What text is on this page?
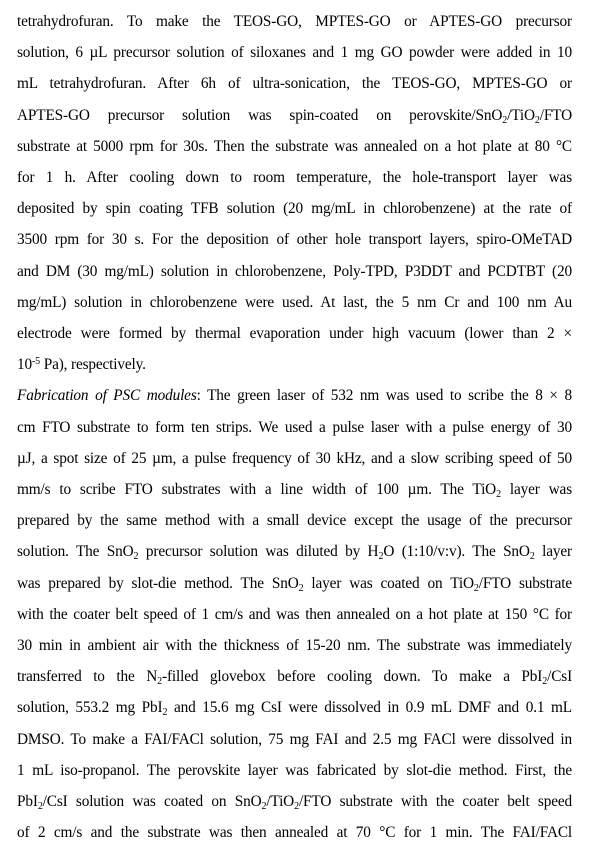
tetrahydrofuran. To make the TEOS-GO, MPTES-GO or APTES-GO precursor
solution, 6 µL precursor solution of siloxanes and 1 mg GO powder were added in 10
mL tetrahydrofuran. After 6h of ultra-sonication, the TEOS-GO, MPTES-GO or
APTES-GO precursor solution was spin-coated on perovskite/SnO$_2$/TiO$_2$/FTO
substrate at 5000 rpm for 30s. Then the substrate was annealed on a hot plate at 80 °C
for 1 h. After cooling down to room temperature, the hole-transport layer was
deposited by spin coating TFB solution (20 mg/mL in chlorobenzene) at the rate of
3500 rpm for 30 s. For the deposition of other hole transport layers, spiro-OMeTAD
and DM (30 mg/mL) solution in chlorobenzene, Poly-TPD, P3DDT and PCDTBT (20
mg/mL) solution in chlorobenzene were used. At last, the 5 nm Cr and 100 nm Au
electrode were formed by thermal evaporation under high vacuum (lower than 2 ×
$10^{-5}$ Pa), respectively.
Fabrication of PSC modules: The green laser of 532 nm was used to scribe the 8 × 8
cm FTO substrate to form ten strips. We used a pulse laser with a pulse energy of 30
µJ, a spot size of 25 µm, a pulse frequency of 30 kHz, and a slow scribing speed of 50
mm/s to scribe FTO substrates with a line width of 100 µm. The TiO$_2$ layer was
prepared by the same method with a small device except the usage of the precursor
solution. The SnO$_2$ precursor solution was diluted by $H_2O$ (1:10/v:v). The SnO$_2$ layer
was prepared by slot-die method. The SnO$_2$ layer was coated on TiO$_2$/FTO substrate
with the coater belt speed of 1 cm/s and was then annealed on a hot plate at 150 °C for
30 min in ambient air with the thickness of 15-20 nm. The substrate was immediately
transferred to the $N_2$-filled glovebox before cooling down. To make a PbI$_2$/CsI
solution, 553.2 mg PbI$_2$ and 15.6 mg CsI were dissolved in 0.9 mL DMF and 0.1 mL
DMSO. To make a FAI/FACl solution, 75 mg FAI and 2.5 mg FACl were dissolved in
1 mL iso-propanol. The perovskite layer was fabricated by slot-die method. First, the
PbI$_2$/CsI solution was coated on SnO$_2$/TiO$_2$/FTO substrate with the coater belt speed
of 2 cm/s and the substrate was then annealed at 70 °C for 1 min. The FAI/FACl
